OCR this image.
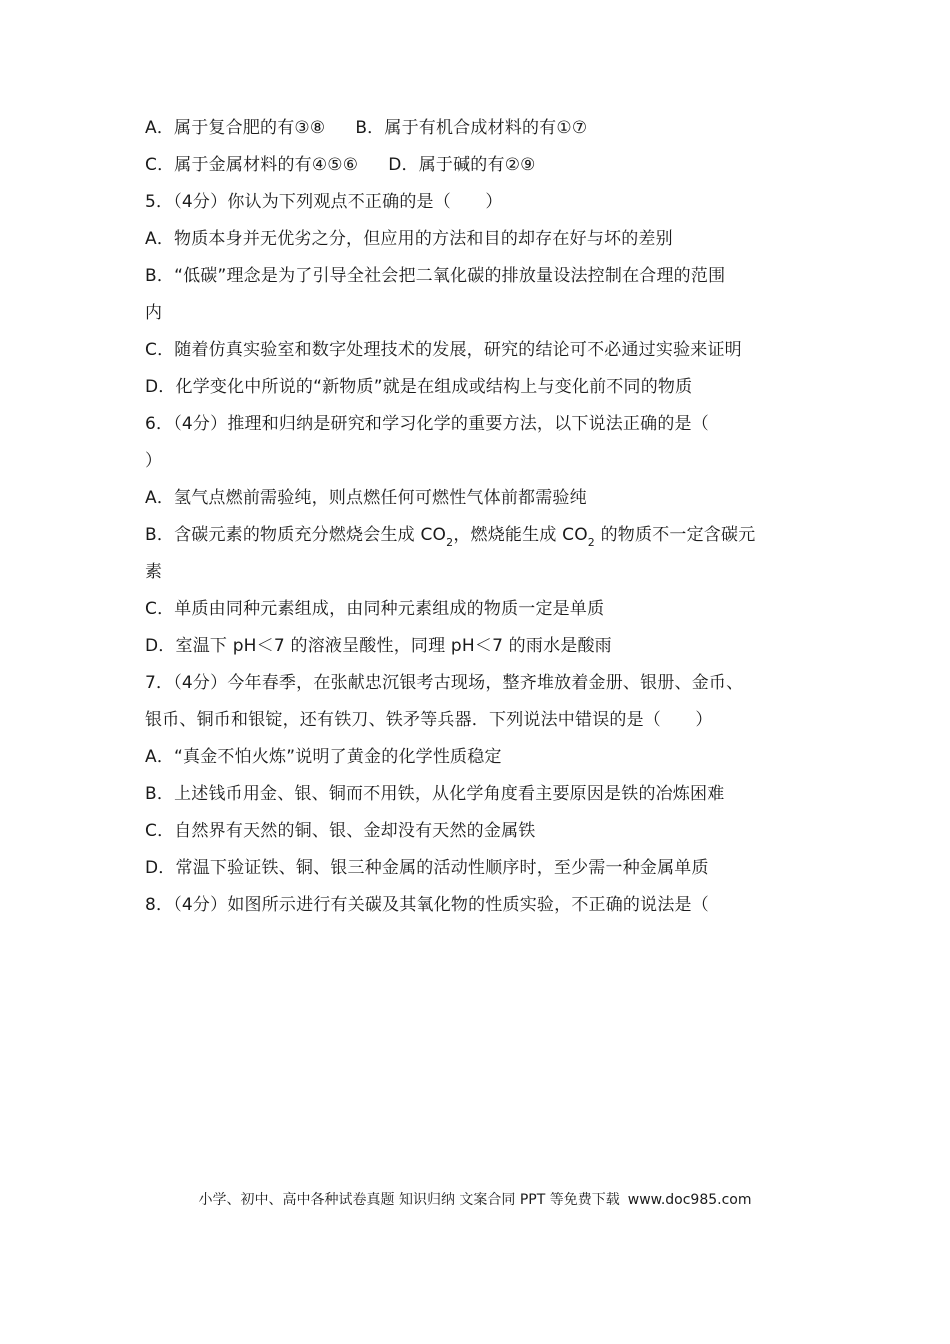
A．属于复合肥的有③⑧ B．属于有机合成材料的有①⑦
C．属于金属材料的有④⑤⑥ D．属于碱的有②⑨
5．（4分）你认为下列观点不正确的是（　　）
A．物质本身并无优劣之分，但应用的方法和目的却存在好与坏的差别
B．“低碳”理念是为了引导全社会把二氧化碳的排放量设法控制在合理的范围
内
C．随着仿真实验室和数字处理技术的发展，研究的结论可不必通过实验来证明
D．化学变化中所说的“新物质”就是在组成或结构上与变化前不同的物质
6．（4分）推理和归纳是研究和学习化学的重要方法，以下说法正确的是（
）
A．氢气点燃前需验纯，则点燃任何可燃性气体前都需验纯
B．含碳元素的物质充分燃烧会生成 $CO_2$，燃烧能生成 $CO_2$ 的物质不一定含碳元
素
C．单质由同种元素组成，由同种元素组成的物质一定是单质
D．室温下 pH＜7 的溶液呈酸性，同理 pH＜7 的雨水是酸雨
7．（4分）今年春季，在张献忠沉银考古现场，整齐堆放着金册、银册、金币、
银币、铜币和银锭，还有铁刀、铁矛等兵器．下列说法中错误的是（　　）
A．“真金不怕火炼”说明了黄金的化学性质稳定
B．上述钱币用金、银、铜而不用铁，从化学角度看主要原因是铁的冶炼困难
C．自然界有天然的铜、银、金却没有天然的金属铁
D．常温下验证铁、铜、银三种金属的活动性顺序时，至少需一种金属单质
8．（4分）如图所示进行有关碳及其氧化物的性质实验，不正确的说法是（
小学、初中、高中各种试卷真题 知识归纳 文案合同 PPT 等免费下载 www.doc985.com
